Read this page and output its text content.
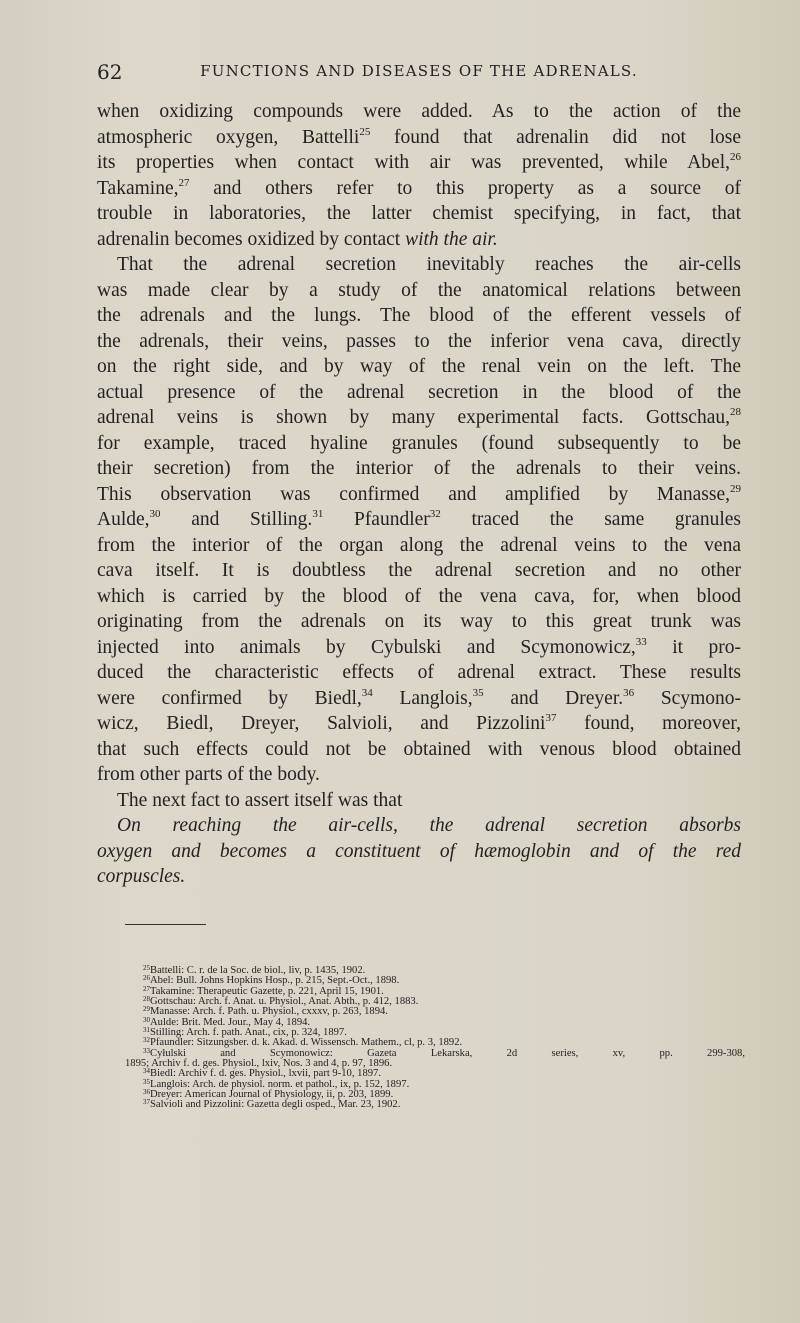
62	FUNCTIONS AND DISEASES OF THE ADRENALS.
when oxidizing compounds were added. As to the action of the
atmospheric oxygen, Battelli$^{25}$ found that adrenalin did not lose
its properties when contact with air was prevented, while Abel,$^{26}$
Takamine,$^{27}$ and others refer to this property as a source of
trouble in laboratories, the latter chemist specifying, in fact, that
adrenalin becomes oxidized by contact with the air.
That the adrenal secretion inevitably reaches the air-cells
was made clear by a study of the anatomical relations between
the adrenals and the lungs. The blood of the efferent vessels of
the adrenals, their veins, passes to the inferior vena cava, directly
on the right side, and by way of the renal vein on the left. The
actual presence of the adrenal secretion in the blood of the
adrenal veins is shown by many experimental facts. Gottschau,$^{28}$
for example, traced hyaline granules (found subsequently to be
their secretion) from the interior of the adrenals to their veins.
This observation was confirmed and amplified by Manasse,$^{29}$
Aulde,$^{30}$ and Stilling.$^{31}$ Pfaundler$^{32}$ traced the same granules
from the interior of the organ along the adrenal veins to the vena
cava itself. It is doubtless the adrenal secretion and no other
which is carried by the blood of the vena cava, for, when blood
originating from the adrenals on its way to this great trunk was
injected into animals by Cybulski and Scymonowicz,$^{33}$ it pro-
duced the characteristic effects of adrenal extract. These results
were confirmed by Biedl,$^{34}$ Langlois,$^{35}$ and Dreyer.$^{36}$ Scymono-
wicz, Biedl, Dreyer, Salvioli, and Pizzolini$^{37}$ found, moreover,
that such effects could not be obtained with venous blood obtained
from other parts of the body.
The next fact to assert itself was that
On reaching the air-cells, the adrenal secretion absorbs
oxygen and becomes a constituent of hæmoglobin and of the red
corpuscles.
$^{25}$Battelli: C. r. de la Soc. de biol., liv, p. 1435, 1902.
$^{26}$Abel: Bull. Johns Hopkins Hosp., p. 215, Sept.-Oct., 1898.
$^{27}$Takamine: Therapeutic Gazette, p. 221, April 15, 1901.
$^{28}$Gottschau: Arch. f. Anat. u. Physiol., Anat. Abth., p. 412, 1883.
$^{29}$Manasse: Arch. f. Path. u. Physiol., cxxxv, p. 263, 1894.
$^{30}$Aulde: Brit. Med. Jour., May 4, 1894.
$^{31}$Stilling: Arch. f. path. Anat., cix, p. 324, 1897.
$^{32}$Pfaundler: Sitzungsber. d. k. Akad. d. Wissensch. Mathem., cl, p. 3, 1892.
$^{33}$Cyłulski and Scymonowicz: Gazeta Lekarska, 2d series, xv, pp. 299-308,
1895; Archiv f. d. ges. Physiol., lxiv, Nos. 3 and 4, p. 97, 1896.
$^{34}$Biedl: Archiv f. d. ges. Physiol., lxvii, part 9-10, 1897.
$^{35}$Langlois: Arch. de physiol. norm. et pathol., ix, p. 152, 1897.
$^{36}$Dreyer: American Journal of Physiology, ii, p. 203, 1899.
$^{37}$Salvioli and Pizzolini: Gazetta degli osped., Mar. 23, 1902.
